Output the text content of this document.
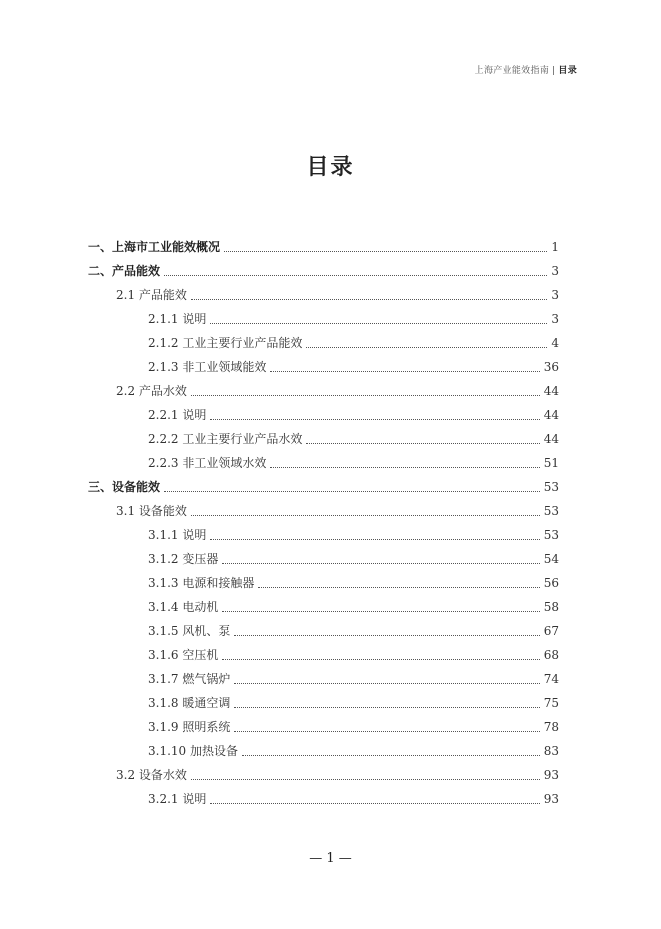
上海产业能效指南 | 目录
目录
一、上海市工业能效概况	1
二、产品能效	3
2.1 产品能效	3
2.1.1 说明	3
2.1.2 工业主要行业产品能效	4
2.1.3 非工业领域能效	36
2.2 产品水效	44
2.2.1 说明	44
2.2.2 工业主要行业产品水效	44
2.2.3 非工业领域水效	51
三、设备能效	53
3.1 设备能效	53
3.1.1 说明	53
3.1.2 变压器	54
3.1.3 电源和接触器	56
3.1.4 电动机	58
3.1.5 风机、泵	67
3.1.6 空压机	68
3.1.7 燃气锅炉	74
3.1.8 暖通空调	75
3.1.9 照明系统	78
3.1.10 加热设备	83
3.2 设备水效	93
3.2.1 说明	93
— 1 —
